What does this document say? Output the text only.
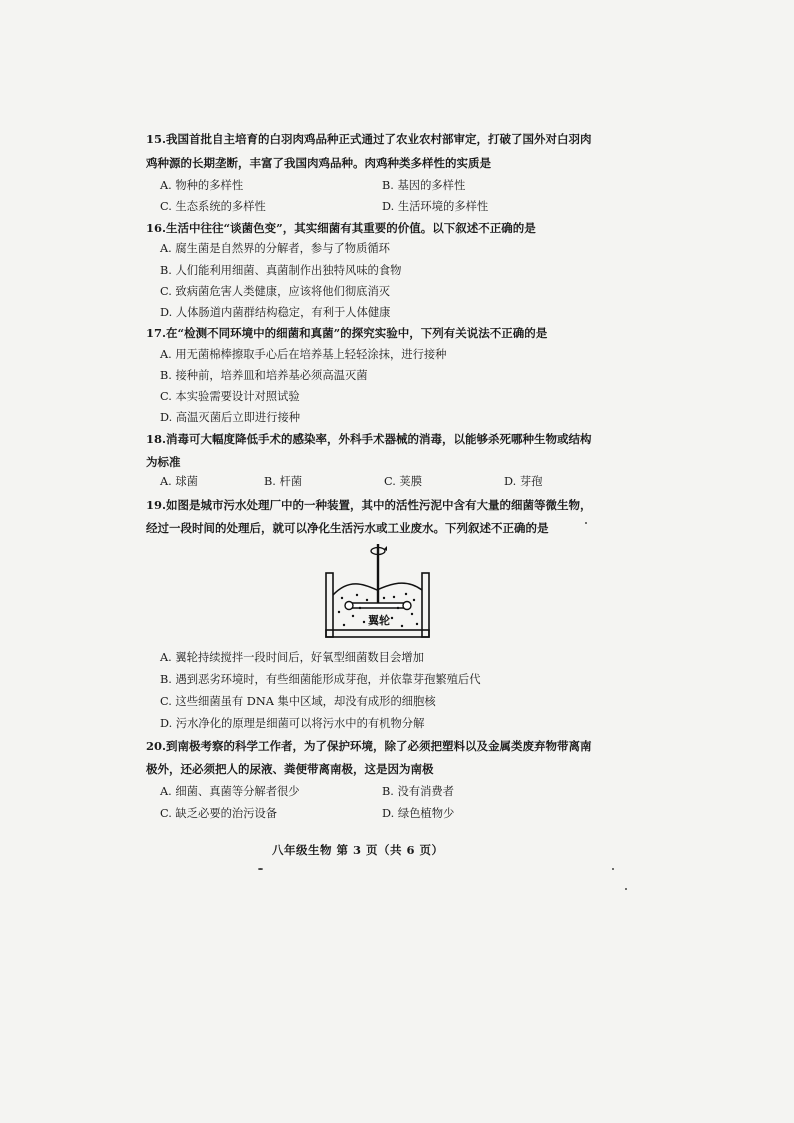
15.我国首批自主培育的白羽肉鸡品种正式通过了农业农村部审定，打破了国外对白羽肉
鸡种源的长期垄断，丰富了我国肉鸡品种。肉鸡种类多样性的实质是
A. 物种的多样性	B. 基因的多样性
C. 生态系统的多样性	D. 生活环境的多样性
16.生活中往往“谈菌色变”，其实细菌有其重要的价值。以下叙述不正确的是
A. 腐生菌是自然界的分解者，参与了物质循环
B. 人们能利用细菌、真菌制作出独特风味的食物
C. 致病菌危害人类健康，应该将他们彻底消灭
D. 人体肠道内菌群结构稳定，有利于人体健康
17.在“检测不同环境中的细菌和真菌”的探究实验中，下列有关说法不正确的是
A. 用无菌棉棒擦取手心后在培养基上轻轻涂抹，进行接种
B. 接种前，培养皿和培养基必须高温灭菌
C. 本实验需要设计对照试验
D. 高温灭菌后立即进行接种
18.消毒可大幅度降低手术的感染率，外科手术器械的消毒，以能够杀死哪种生物或结构
为标准
A. 球菌	B. 杆菌	C. 荚膜	D. 芽孢
19.如图是城市污水处理厂中的一种装置，其中的活性污泥中含有大量的细菌等微生物，
经过一段时间的处理后，就可以净化生活污水或工业废水。下列叙述不正确的是
翼轮
A. 翼轮持续搅拌一段时间后，好氧型细菌数目会增加
B. 遇到恶劣环境时，有些细菌能形成芽孢，并依靠芽孢繁殖后代
C. 这些细菌虽有 DNA 集中区域，却没有成形的细胞核
D. 污水净化的原理是细菌可以将污水中的有机物分解
20.到南极考察的科学工作者，为了保护环境，除了必须把塑料以及金属类废弃物带离南
极外，还必须把人的尿液、粪便带离南极，这是因为南极
A. 细菌、真菌等分解者很少	B. 没有消费者
C. 缺乏必要的治污设备	D. 绿色植物少
八年级生物 第 3 页（共 6 页）
